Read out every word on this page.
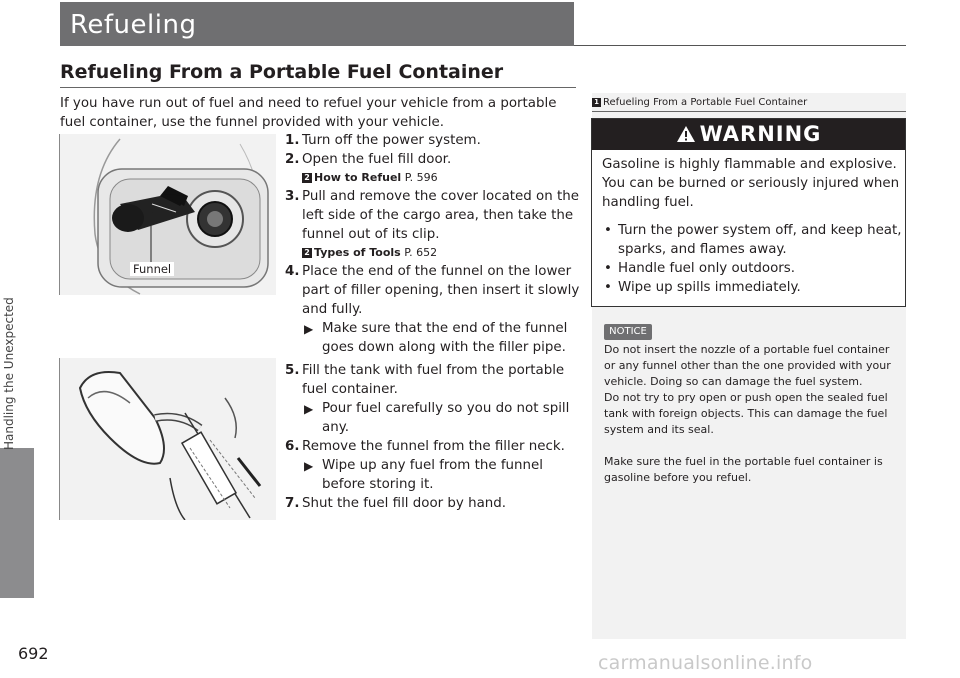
Refueling
Handling the Unexpected
Refueling From a Portable Fuel Container
If you have run out of fuel and need to refuel your vehicle from a portable fuel container, use the funnel provided with your vehicle.
Funnel
1. Turn off the power system.
2. Open the fuel fill door.
2 How to Refuel P. 596
3. Pull and remove the cover located on the left side of the cargo area, then take the funnel out of its clip.
2 Types of Tools P. 652
4. Place the end of the funnel on the lower part of filler opening, then insert it slowly and fully.
▶ Make sure that the end of the funnel goes down along with the filler pipe.
5. Fill the tank with fuel from the portable fuel container.
▶ Pour fuel carefully so you do not spill any.
6. Remove the funnel from the filler neck.
▶ Wipe up any fuel from the funnel before storing it.
7. Shut the fuel fill door by hand.
1 Refueling From a Portable Fuel Container
WARNING
Gasoline is highly flammable and explosive. You can be burned or seriously injured when handling fuel.
• Turn the power system off, and keep heat, sparks, and flames away.
• Handle fuel only outdoors.
• Wipe up spills immediately.
NOTICE

Do not insert the nozzle of a portable fuel container or any funnel other than the one provided with your vehicle. Doing so can damage the fuel system.

Do not try to pry open or push open the sealed fuel tank with foreign objects. This can damage the fuel system and its seal.

Make sure the fuel in the portable fuel container is gasoline before you refuel.

692	carmanualsonline.info
